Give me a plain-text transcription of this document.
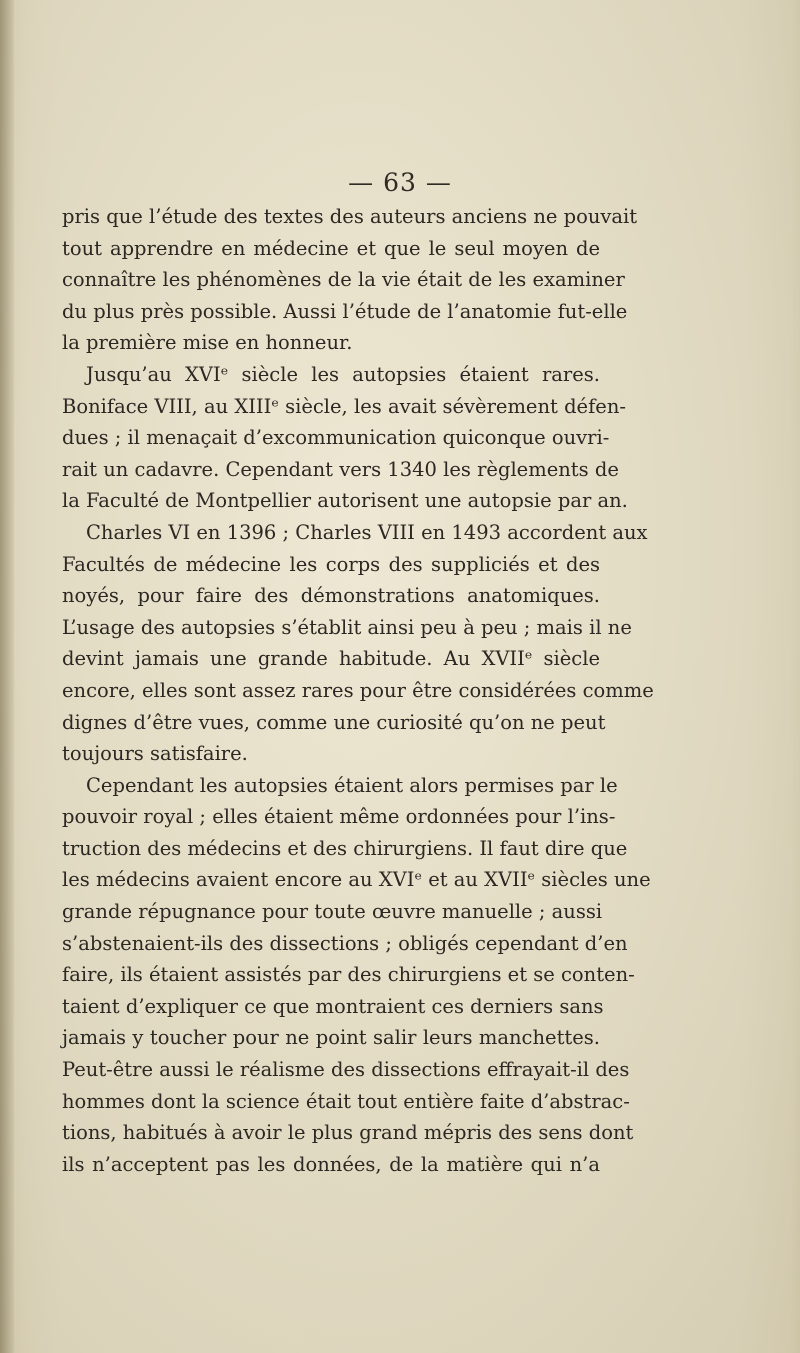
— 63 —
pris que l’étude des textes des auteurs anciens ne pouvait
tout apprendre en médecine et que le seul moyen de
connaître les phénomènes de la vie était de les examiner
du plus près possible. Aussi l’étude de l’anatomie fut-elle
la première mise en honneur.
Jusqu’au XVIᵉ siècle les autopsies étaient rares.
Boniface VIII, au XIIIᵉ siècle, les avait sévèrement défen-
dues ; il menaçait d’excommunication quiconque ouvri-
rait un cadavre. Cependant vers 1340 les règlements de
la Faculté de Montpellier autorisent une autopsie par an.
Charles VI en 1396 ; Charles VIII en 1493 accordent aux
Facultés de médecine les corps des suppliciés et des
noyés, pour faire des démonstrations anatomiques.
L’usage des autopsies s’établit ainsi peu à peu ; mais il ne
devint jamais une grande habitude. Au XVIIᵉ siècle
encore, elles sont assez rares pour être considérées comme
dignes d’être vues, comme une curiosité qu’on ne peut
toujours satisfaire.
Cependant les autopsies étaient alors permises par le
pouvoir royal ; elles étaient même ordonnées pour l’ins-
truction des médecins et des chirurgiens. Il faut dire que
les médecins avaient encore au XVIᵉ et au XVIIᵉ siècles une
grande répugnance pour toute œuvre manuelle ; aussi
s’abstenaient-ils des dissections ; obligés cependant d’en
faire, ils étaient assistés par des chirurgiens et se conten-
taient d’expliquer ce que montraient ces derniers sans
jamais y toucher pour ne point salir leurs manchettes.
Peut-être aussi le réalisme des dissections effrayait-il des
hommes dont la science était tout entière faite d’abstrac-
tions, habitués à avoir le plus grand mépris des sens dont
ils n’acceptent pas les données, de la matière qui n’a
